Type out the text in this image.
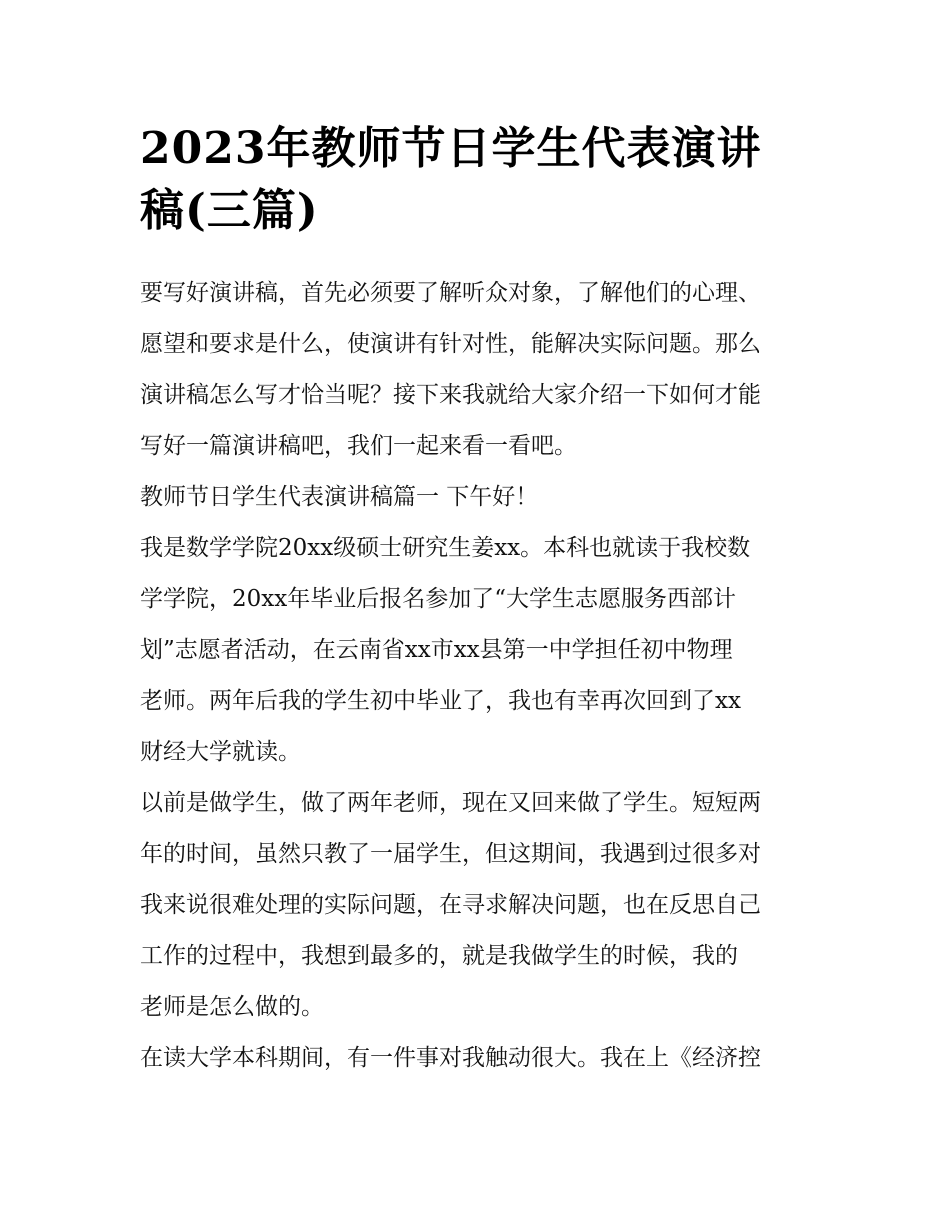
2023年教师节日学生代表演讲
稿(三篇)

要写好演讲稿，首先必须要了解听众对象，了解他们的心理、
愿望和要求是什么，使演讲有针对性，能解决实际问题。那么
演讲稿怎么写才恰当呢？接下来我就给大家介绍一下如何才能
写好一篇演讲稿吧，我们一起来看一看吧。

教师节日学生代表演讲稿篇一 下午好！

我是数学学院20xx级硕士研究生姜xx。本科也就读于我校数
学学院，20xx年毕业后报名参加了“大学生志愿服务西部计
划”志愿者活动，在云南省xx市xx县第一中学担任初中物理
老师。两年后我的学生初中毕业了，我也有幸再次回到了xx
财经大学就读。

以前是做学生，做了两年老师，现在又回来做了学生。短短两
年的时间，虽然只教了一届学生，但这期间，我遇到过很多对
我来说很难处理的实际问题，在寻求解决问题，也在反思自己
工作的过程中，我想到最多的，就是我做学生的时候，我的
老师是怎么做的。

在读大学本科期间，有一件事对我触动很大。我在上《经济控
